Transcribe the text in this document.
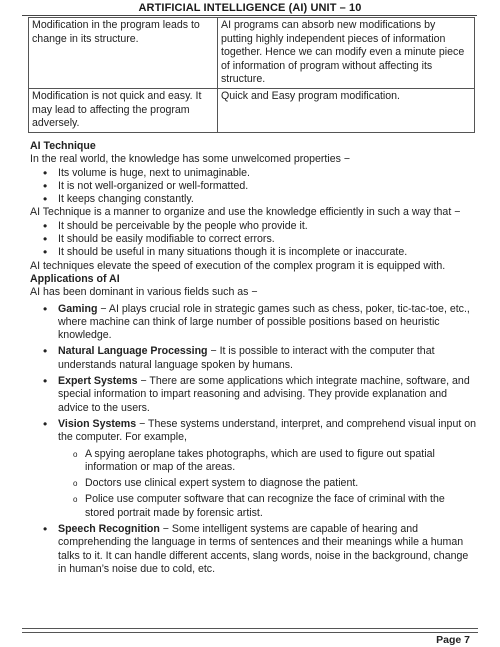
ARTIFICIAL INTELLIGENCE (AI) UNIT – 10
Modification in the program leads to change in its structure.	AI programs can absorb new modifications by putting highly independent pieces of information together. Hence we can modify even a minute piece of information of program without affecting its structure.
Modification is not quick and easy. It may lead to affecting the program adversely.	Quick and Easy program modification.

AI Technique

In the real world, the knowledge has some unwelcomed properties −

• Its volume is huge, next to unimaginable.
• It is not well-organized or well-formatted.
• It keeps changing constantly.

AI Technique is a manner to organize and use the knowledge efficiently in such a way that −

• It should be perceivable by the people who provide it.
• It should be easily modifiable to correct errors.
• It should be useful in many situations though it is incomplete or inaccurate.

AI techniques elevate the speed of execution of the complex program it is equipped with.

Applications of AI

AI has been dominant in various fields such as −

• Gaming − AI plays crucial role in strategic games such as chess, poker, tic-tac-toe, etc., where machine can think of large number of possible positions based on heuristic knowledge.
• Natural Language Processing − It is possible to interact with the computer that understands natural language spoken by humans.
• Expert Systems − There are some applications which integrate machine, software, and special information to impart reasoning and advising. They provide explanation and advice to the users.
• Vision Systems − These systems understand, interpret, and comprehend visual input on the computer. For example,
o A spying aeroplane takes photographs, which are used to figure out spatial information or map of the areas.
o Doctors use clinical expert system to diagnose the patient.
o Police use computer software that can recognize the face of criminal with the stored portrait made by forensic artist.
• Speech Recognition − Some intelligent systems are capable of hearing and comprehending the language in terms of sentences and their meanings while a human talks to it. It can handle different accents, slang words, noise in the background, change in human’s noise due to cold, etc.
Page 7
